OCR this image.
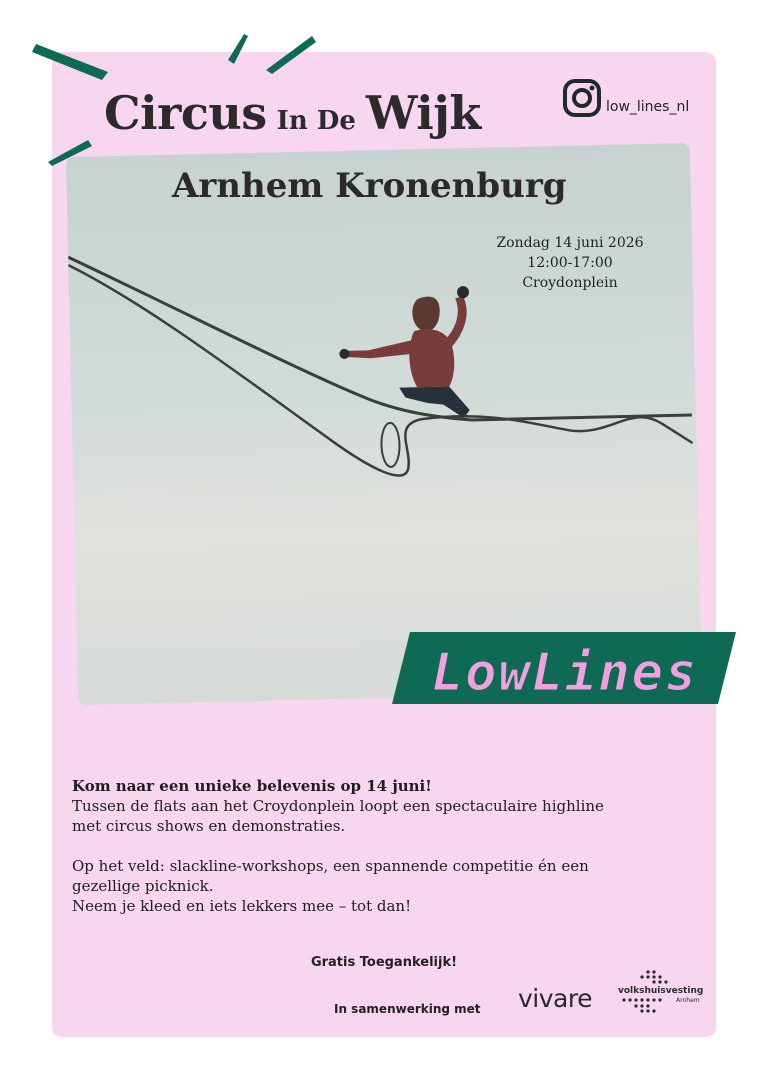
Circus In De Wijk	low_lines_nl
Arnhem Kronenburg
Zondag 14 juni 2026
12:00-17:00
Croydonplein
LowLines

Kom naar een unieke belevenis op 14 juni!

Tussen de flats aan het Croydonplein loopt een spectaculaire highline

met circus shows en demonstraties.

Op het veld: slackline-workshops, een spannende competitie én een

gezellige picknick.

Neem je kleed en iets lekkers mee – tot dan!

Gratis Toegankelijk!
In samenwerking met vivare	volkshuisvesting
Arnhem
